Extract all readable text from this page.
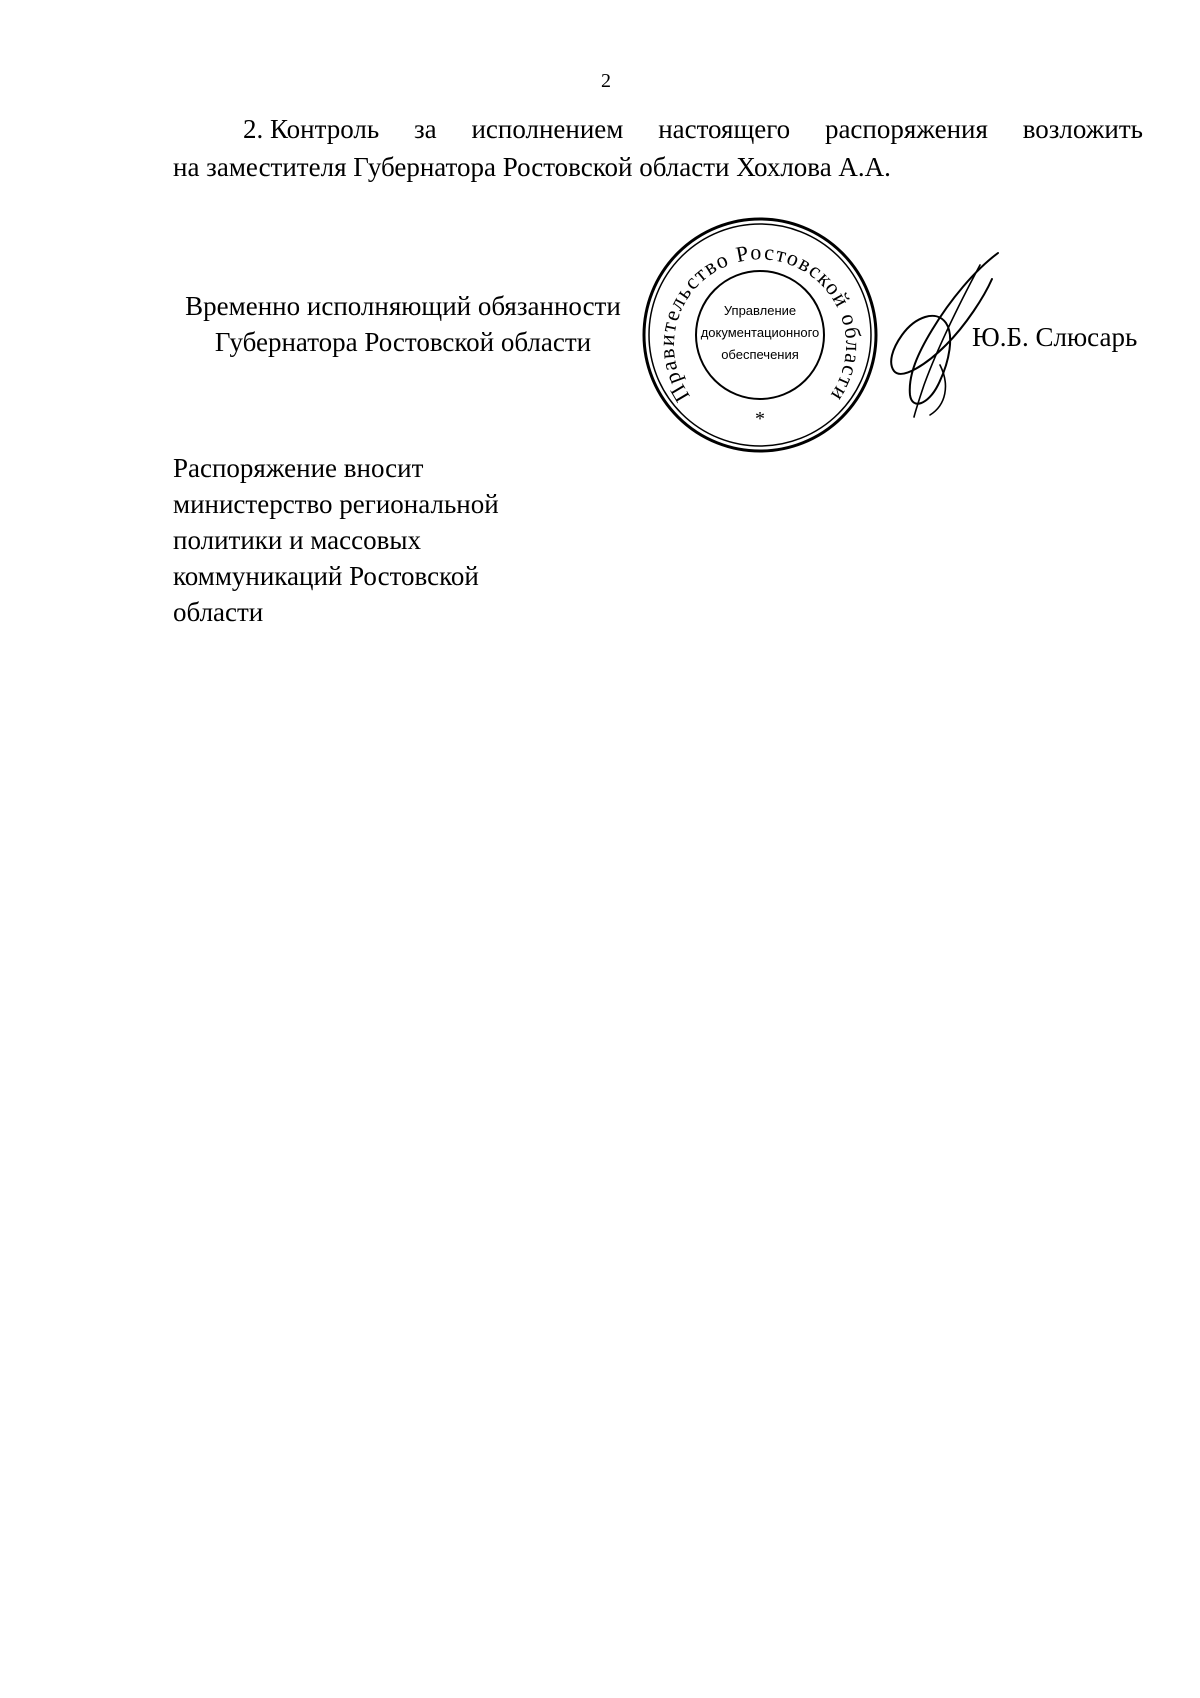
2
2. Контроль за исполнением настоящего распоряжения возложить
на заместителя Губернатора Ростовской области Хохлова А.А.
Временно исполняющий обязанности
Губернатора Ростовской области
Правительство Ростовской области
Управление
документационного
обеспечения
*
Ю.Б. Слюсарь
Распоряжение вносит
министерство региональной
политики и массовых
коммуникаций Ростовской
области
